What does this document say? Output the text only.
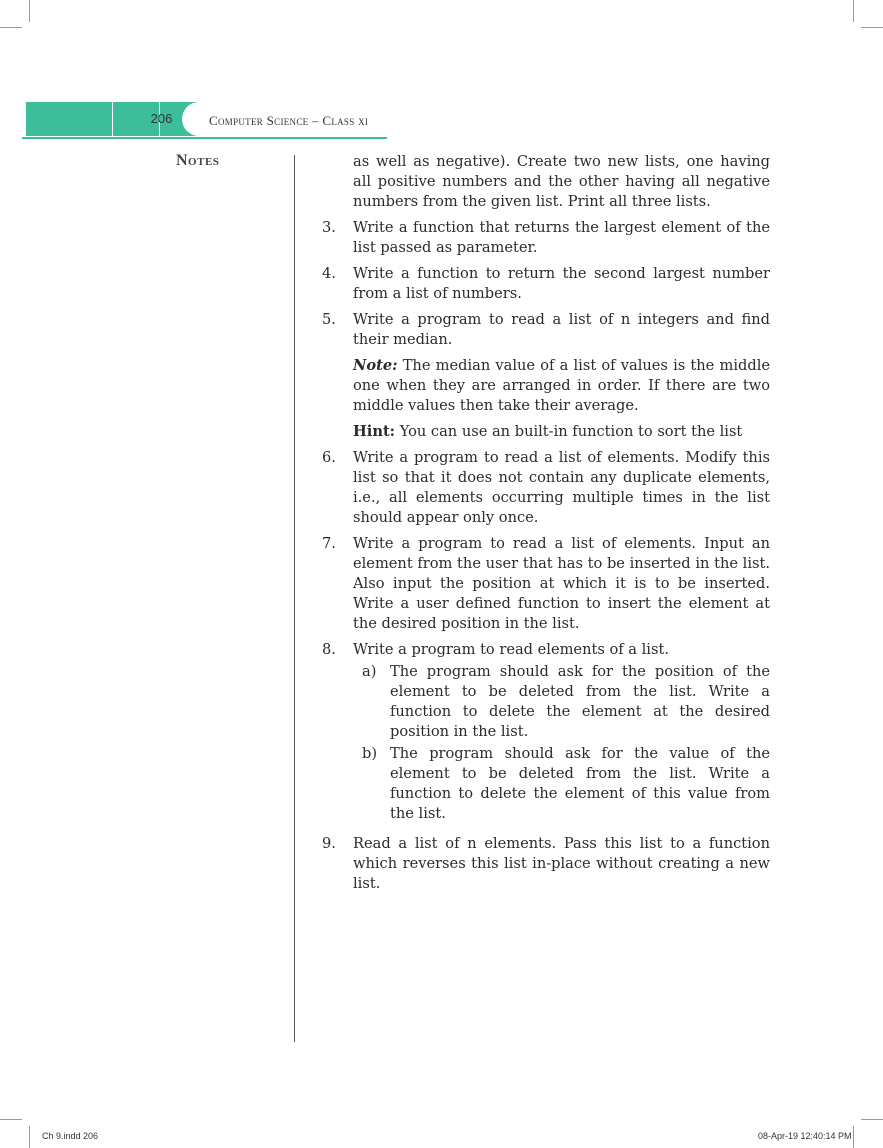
206	Computer Science – Class xi
Notes	as well as negative). Create two new lists, one having all positive numbers and the other having all negative numbers from the given list. Print all three lists.

3. Write a function that returns the largest element of the list passed as parameter.

4. Write a function to return the second largest number from a list of numbers.

5. Write a program to read a list of n integers and find their median.

Note: The median value of a list of values is the middle one when they are arranged in order. If there are two middle values then take their average.

Hint: You can use an built-in function to sort the list

6. Write a program to read a list of elements. Modify this list so that it does not contain any duplicate elements, i.e., all elements occurring multiple times in the list should appear only once.

7. Write a program to read a list of elements. Input an element from the user that has to be inserted in the list. Also input the position at which it is to be inserted. Write a user defined function to insert the element at the desired position in the list.

8. Write a program to read elements of a list.

a) The program should ask for the position of the element to be deleted from the list. Write a function to delete the element at the desired position in the list.

b) The program should ask for the value of the element to be deleted from the list. Write a function to delete the element of this value from the list.

9. Read a list of n elements. Pass this list to a function which reverses this list in-place without creating a new list.

Ch 9.indd 206	08-Apr-19 12:40:14 PM
